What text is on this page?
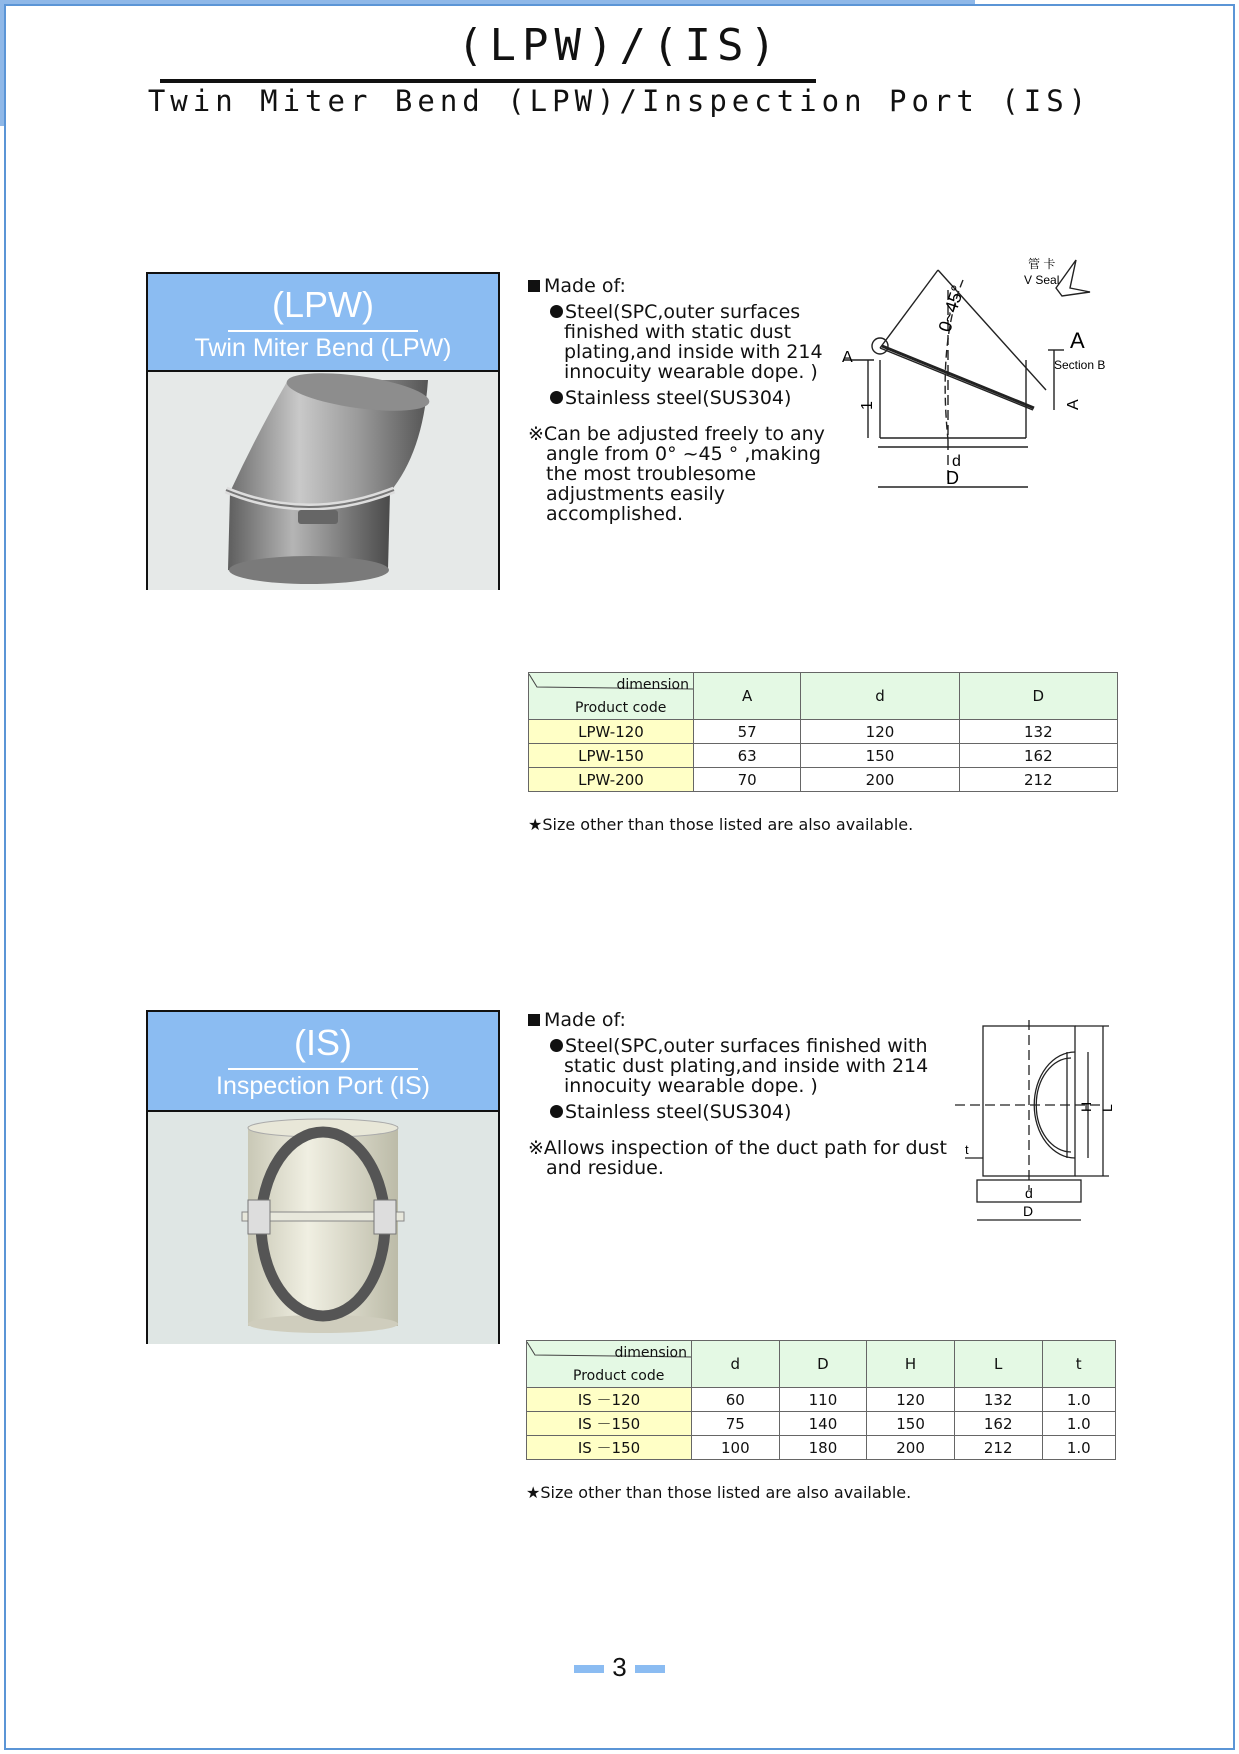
(LPW)/(IS)
Twin Miter Bend (LPW)/Inspection Port (IS)
(LPW)
Twin Miter Bend (LPW)
Made of:
Steel(SPC,outer surfaces finished with static dust plating,and inside with 214 innocuity wearable dope. )
Stainless steel(SUS304)
※Can be adjusted freely to any angle from 0° ~45 ° ,making the most troublesome adjustments easily accomplished.
管 卡
V Seal
0~45°
A
A
Section B
A
1
d
D
dimension
Product code	A	d	D
LPW-120	57	120	132
LPW-150	63	150	162
LPW-200	70	200	212
★Size other than those listed are also available.
(IS)
Inspection Port (IS)
Made of:
Steel(SPC,outer surfaces finished with static dust plating,and inside with 214 innocuity wearable dope. )
Stainless steel(SUS304)
※Allows inspection of the duct path for dust and residue.
t
H L
d
D
dimension
Product code	d	D	H	L	t
IS －120	60	110	120	132	1.0
IS －150	75	140	150	162	1.0
IS －150	100	180	200	212	1.0
★Size other than those listed are also available.
3
